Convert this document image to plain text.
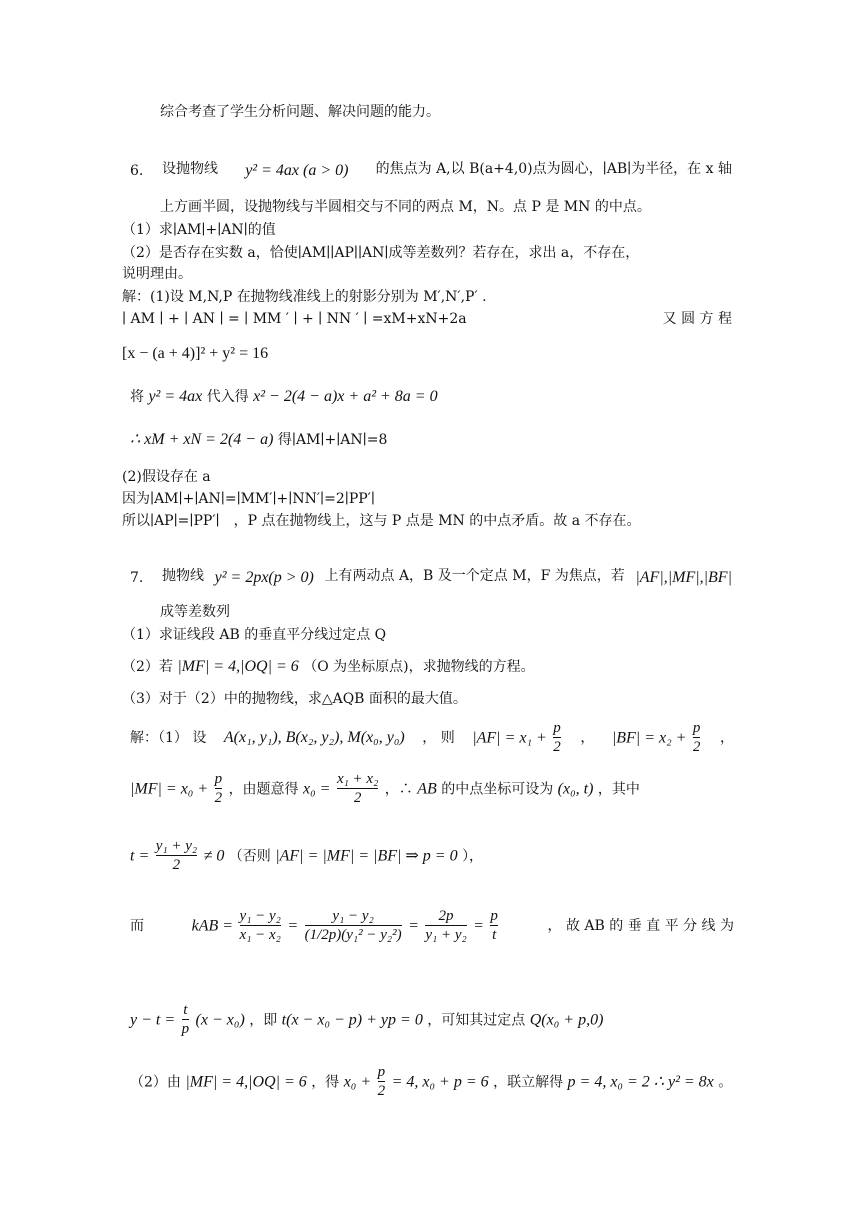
综合考查了学生分析问题、解决问题的能力。
6. 设抛物线 y² = 4ax (a > 0) 的焦点为 A,以 B(a+4,0)点为圆心，∣AB∣为半径，在 x 轴
上方画半圆，设抛物线与半圆相交与不同的两点 M，N。点 P 是 MN 的中点。
（1）求∣AM∣+∣AN∣的值
（2）是否存在实数 a，恰使∣AM∣∣AP∣∣AN∣成等差数列？若存在，求出 a，不存在，
说明理由。
解：(1)设 M,N,P 在抛物线准线上的射影分别为 M′,N′,P′ .
∣ AM ∣ + ∣ AN ∣ = ∣ MM ′ ∣ + ∣ NN ′ ∣ =xM+xN+2a	又 圆 方 程
[x − (a + 4)]² + y² = 16
将 y² = 4ax 代入得 x² − 2(4 − a)x + a² + 8a = 0
∴ xM + xN = 2(4 − a) 得∣AM∣+∣AN∣=8
(2)假设存在 a
因为∣AM∣+∣AN∣=∣MM′∣+∣NN′∣=2∣PP′∣
所以∣AP∣=∣PP′∣　，P 点在抛物线上，这与 P 点是 MN 的中点矛盾。故 a 不存在。
7. 抛物线 y² = 2px(p > 0) 上有两动点 A，B 及一个定点 M，F 为焦点，若 |AF|,|MF|,|BF|
成等差数列
（1）求证线段 AB 的垂直平分线过定点 Q
（2）若 |MF| = 4,|OQ| = 6 （O 为坐标原点)，求抛物线的方程。
（3）对于（2）中的抛物线，求△AQB 面积的最大值。
解：（1） 设 A(x₁, y₁), B(x₂, y₂), M(x₀, y₀) ， 则 $|AF| = x_1 + \frac{p}{2}$ ， $|BF| = x_2 + \frac{p}{2}$ ，
$|MF| = x_0 + \frac{p}{2}$ ，由题意得 $x_0 = \frac{\text{x₁ + x₂}}{2}$ ，∴ AB 的中点坐标可设为 (x₀, t) ，其中
$t = \frac{\text{y₁ + y₂}}{2} \ne 0$ （否则 |AF| = |MF| = |BF| ⇒ p = 0 ），
而	kAB = $\frac{\text{y₁ − y₂}}{\text{x₁ − x₂}} = \frac{\text{y₁ − y₂}}{\text{(1/2p)(y₁² − y₂²)}} = \frac{2p}{\text{y₁ + y₂}} = \frac{p}{t}$	， 故 AB 的 垂 直 平 分 线 为
$y - t = \frac{t}{p} (x - x_0)$ ，即 t(x − x₀ − p) + yp = 0 ，可知其过定点 Q(x₀ + p,0)
（2）由 |MF| = 4,|OQ| = 6 ，得 $x_0 + \frac{p}{2} = 4$, x₀ + p = 6 ，联立解得 p = 4, x₀ = 2 ∴ y² = 8x 。
